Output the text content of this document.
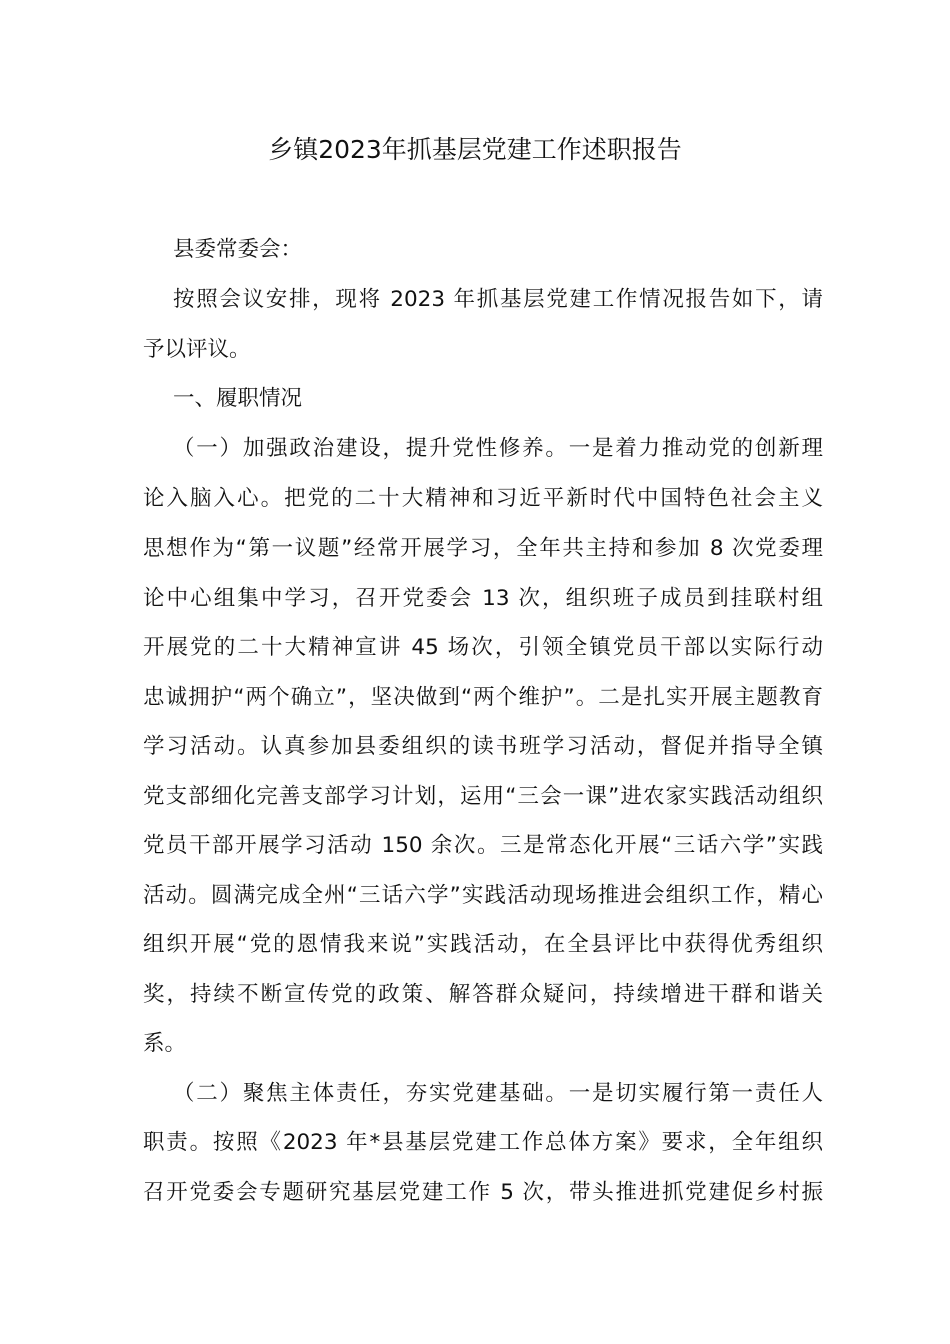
乡镇2023年抓基层党建工作述职报告
县委常委会：
按照会议安排，现将 2023 年抓基层党建工作情况报告如下，请
予以评议。
一、履职情况
（一）加强政治建设，提升党性修养。一是着力推动党的创新理
论入脑入心。把党的二十大精神和习近平新时代中国特色社会主义
思想作为“第一议题”经常开展学习，全年共主持和参加 8 次党委理
论中心组集中学习，召开党委会 13 次，组织班子成员到挂联村组
开展党的二十大精神宣讲 45 场次，引领全镇党员干部以实际行动
忠诚拥护“两个确立”，坚决做到“两个维护”。二是扎实开展主题教育
学习活动。认真参加县委组织的读书班学习活动，督促并指导全镇
党支部细化完善支部学习计划，运用“三会一课”进农家实践活动组织
党员干部开展学习活动 150 余次。三是常态化开展“三话六学”实践
活动。圆满完成全州“三话六学”实践活动现场推进会组织工作，精心
组织开展“党的恩情我来说”实践活动，在全县评比中获得优秀组织
奖，持续不断宣传党的政策、解答群众疑问，持续增进干群和谐关
系。
（二）聚焦主体责任，夯实党建基础。一是切实履行第一责任人
职责。按照《2023 年*县基层党建工作总体方案》要求，全年组织
召开党委会专题研究基层党建工作 5 次，带头推进抓党建促乡村振
